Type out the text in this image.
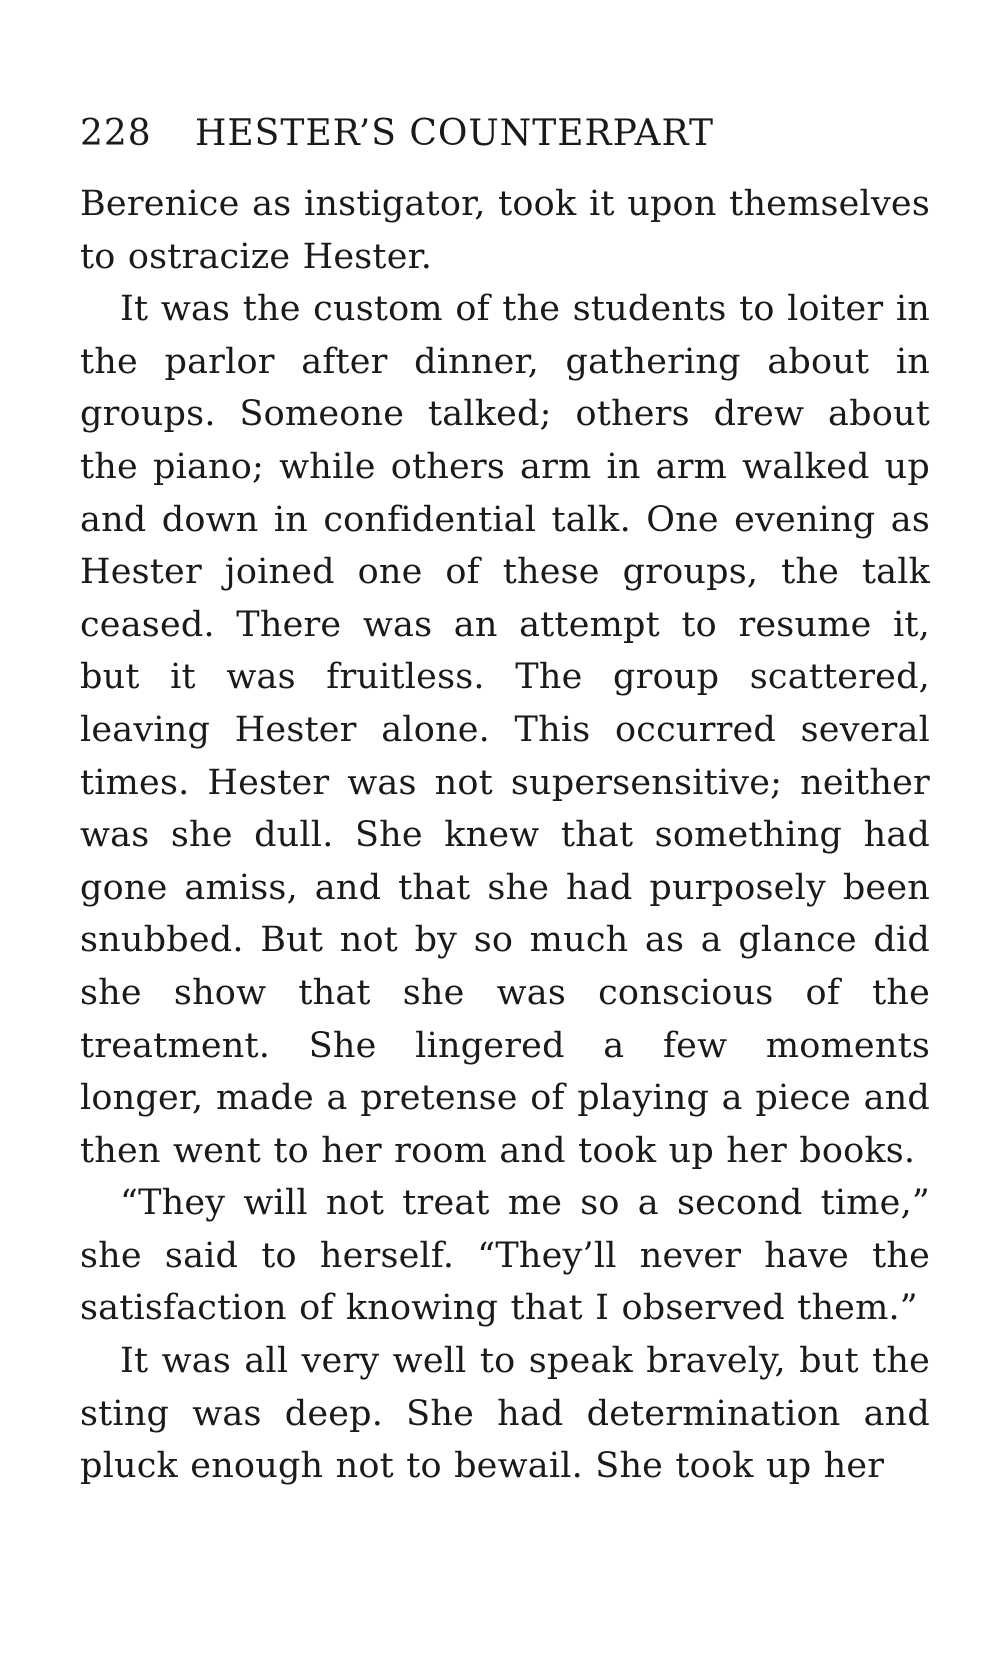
228 HESTER’S COUNTERPART

Berenice as instigator, took it upon themselves to ostracize Hester.

It was the custom of the students to loiter in the parlor after dinner, gathering about in groups. Someone talked; others drew about the piano; while others arm in arm walked up and down in confidential talk. One evening as Hester joined one of these groups, the talk ceased. There was an attempt to resume it, but it was fruitless. The group scattered, leaving Hester alone. This occurred several times. Hester was not supersensitive; neither was she dull. She knew that something had gone amiss, and that she had purposely been snubbed. But not by so much as a glance did she show that she was conscious of the treatment. She lingered a few moments longer, made a pretense of playing a piece and then went to her room and took up her books.

“They will not treat me so a second time,” she said to herself. “They’ll never have the satisfaction of knowing that I observed them.”

It was all very well to speak bravely, but the sting was deep. She had determination and pluck enough not to bewail. She took up her
